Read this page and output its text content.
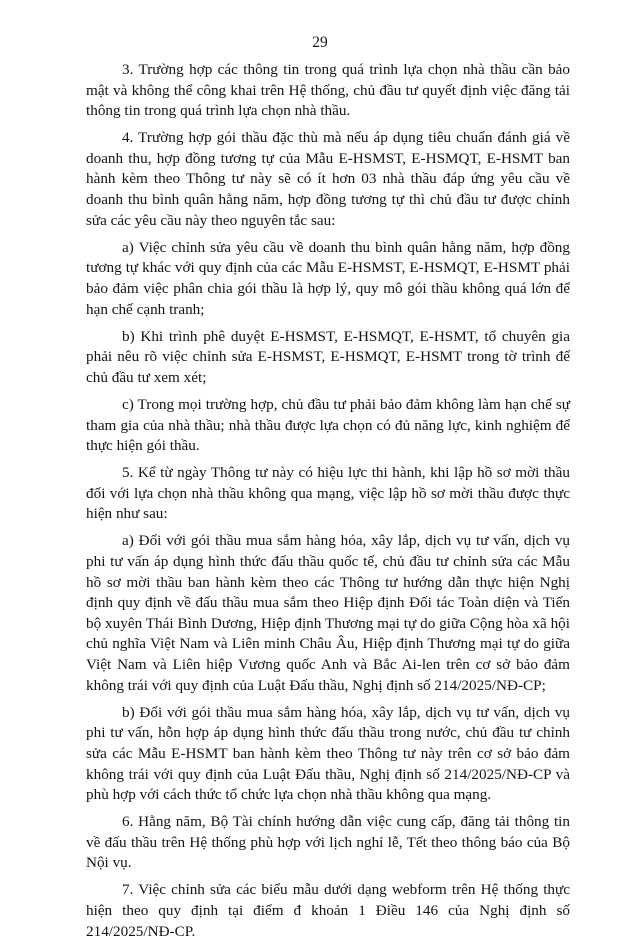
29

3. Trường hợp các thông tin trong quá trình lựa chọn nhà thầu cần bảo mật và không thể công khai trên Hệ thống, chủ đầu tư quyết định việc đăng tải thông tin trong quá trình lựa chọn nhà thầu.

4. Trường hợp gói thầu đặc thù mà nếu áp dụng tiêu chuẩn đánh giá về doanh thu, hợp đồng tương tự của Mẫu E-HSMST, E-HSMQT, E-HSMT ban hành kèm theo Thông tư này sẽ có ít hơn 03 nhà thầu đáp ứng yêu cầu về doanh thu bình quân hằng năm, hợp đồng tương tự thì chủ đầu tư được chỉnh sửa các yêu cầu này theo nguyên tắc sau:

a) Việc chỉnh sửa yêu cầu về doanh thu bình quân hằng năm, hợp đồng tương tự khác với quy định của các Mẫu E-HSMST, E-HSMQT, E-HSMT phải bảo đảm việc phân chia gói thầu là hợp lý, quy mô gói thầu không quá lớn để hạn chế cạnh tranh;

b) Khi trình phê duyệt E-HSMST, E-HSMQT, E-HSMT, tổ chuyên gia phải nêu rõ việc chỉnh sửa E-HSMST, E-HSMQT, E-HSMT trong tờ trình để chủ đầu tư xem xét;

c) Trong mọi trường hợp, chủ đầu tư phải bảo đảm không làm hạn chế sự tham gia của nhà thầu; nhà thầu được lựa chọn có đủ năng lực, kinh nghiệm để thực hiện gói thầu.

5. Kể từ ngày Thông tư này có hiệu lực thi hành, khi lập hồ sơ mời thầu đối với lựa chọn nhà thầu không qua mạng, việc lập hồ sơ mời thầu được thực hiện như sau:

a) Đối với gói thầu mua sắm hàng hóa, xây lắp, dịch vụ tư vấn, dịch vụ phi tư vấn áp dụng hình thức đấu thầu quốc tế, chủ đầu tư chỉnh sửa các Mẫu hồ sơ mời thầu ban hành kèm theo các Thông tư hướng dẫn thực hiện Nghị định quy định về đấu thầu mua sắm theo Hiệp định Đối tác Toàn diện và Tiến bộ xuyên Thái Bình Dương, Hiệp định Thương mại tự do giữa Cộng hòa xã hội chủ nghĩa Việt Nam và Liên minh Châu Âu, Hiệp định Thương mại tự do giữa Việt Nam và Liên hiệp Vương quốc Anh và Bắc Ai-len trên cơ sở bảo đảm không trái với quy định của Luật Đấu thầu, Nghị định số 214/2025/NĐ-CP;

b) Đối với gói thầu mua sắm hàng hóa, xây lắp, dịch vụ tư vấn, dịch vụ phi tư vấn, hỗn hợp áp dụng hình thức đấu thầu trong nước, chủ đầu tư chỉnh sửa các Mẫu E-HSMT ban hành kèm theo Thông tư này trên cơ sở bảo đảm không trái với quy định của Luật Đấu thầu, Nghị định số 214/2025/NĐ-CP và phù hợp với cách thức tổ chức lựa chọn nhà thầu không qua mạng.

6. Hằng năm, Bộ Tài chính hướng dẫn việc cung cấp, đăng tải thông tin về đấu thầu trên Hệ thống phù hợp với lịch nghỉ lễ, Tết theo thông báo của Bộ Nội vụ.

7. Việc chỉnh sửa các biểu mẫu dưới dạng webform trên Hệ thống thực hiện theo quy định tại điểm đ khoản 1 Điều 146 của Nghị định số 214/2025/NĐ-CP.
